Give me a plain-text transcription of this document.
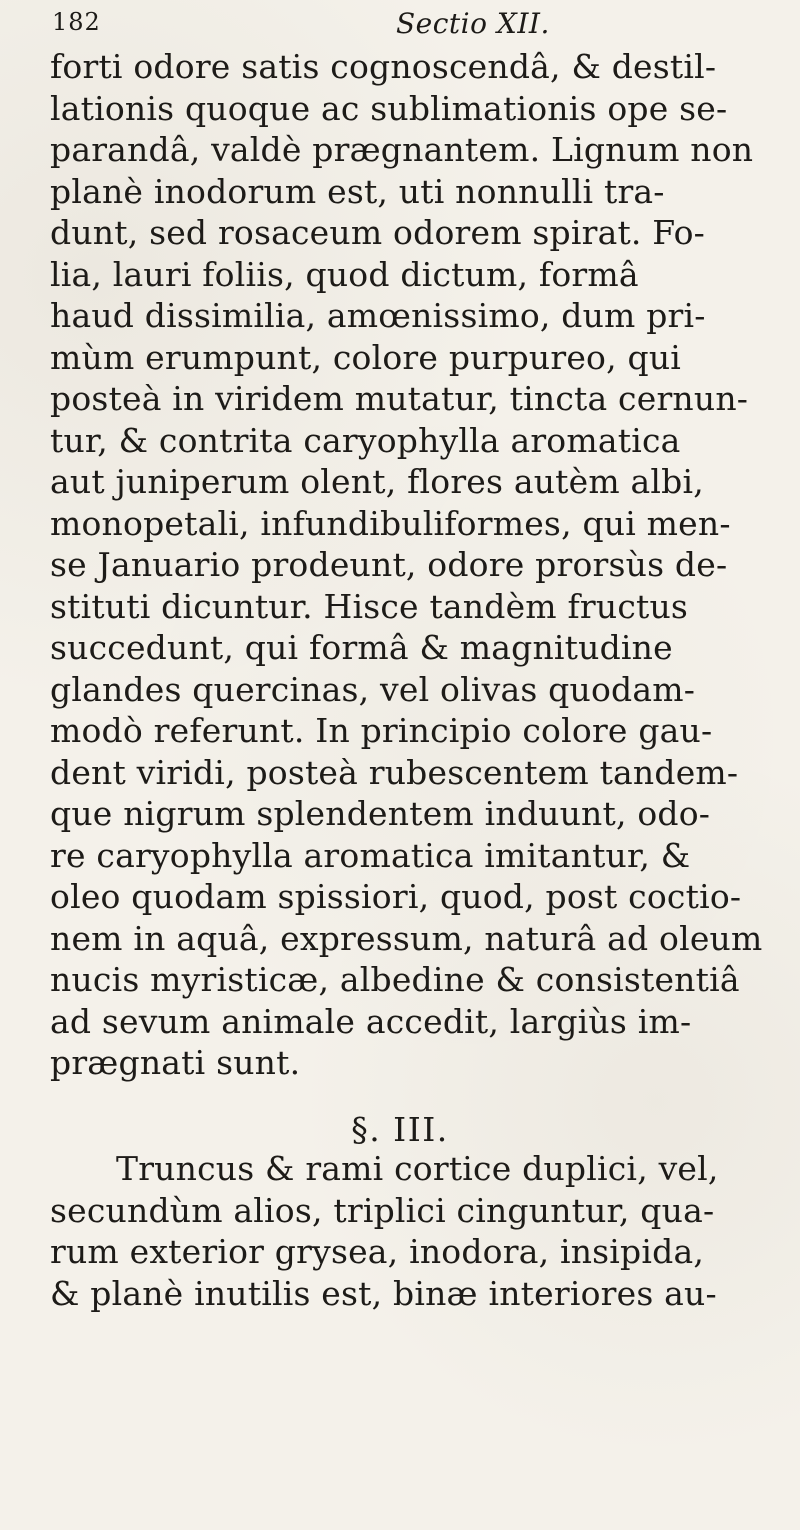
182	Sectio XII.
forti odore satis cognoscendâ, & destil-
lationis quoque ac sublimationis ope se-
parandâ, valdè prægnantem. Lignum non
planè inodorum est, uti nonnulli tra-
dunt, sed rosaceum odorem spirat. Fo-
lia, lauri foliis, quod dictum, formâ
haud dissimilia, amœnissimo, dum pri-
mùm erumpunt, colore purpureo, qui
posteà in viridem mutatur, tincta cernun-
tur, & contrita caryophylla aromatica
aut juniperum olent, flores autèm albi,
monopetali, infundibuliformes, qui men-
se Januario prodeunt, odore prorsùs de-
stituti dicuntur. Hisce tandèm fructus
succedunt, qui formâ & magnitudine
glandes quercinas, vel olivas quodam-
modò referunt. In principio colore gau-
dent viridi, posteà rubescentem tandem-
que nigrum splendentem induunt, odo-
re caryophylla aromatica imitantur, &
oleo quodam spissiori, quod, post coctio-
nem in aquâ, expressum, naturâ ad oleum
nucis myristicæ, albedine & consistentiâ
ad sevum animale accedit, largiùs im-
prægnati sunt.
§. III.
Truncus & rami cortice duplici, vel,
secundùm alios, triplici cinguntur, qua-
rum exterior grysea, inodora, insipida,
& planè inutilis est, binæ interiores au-
